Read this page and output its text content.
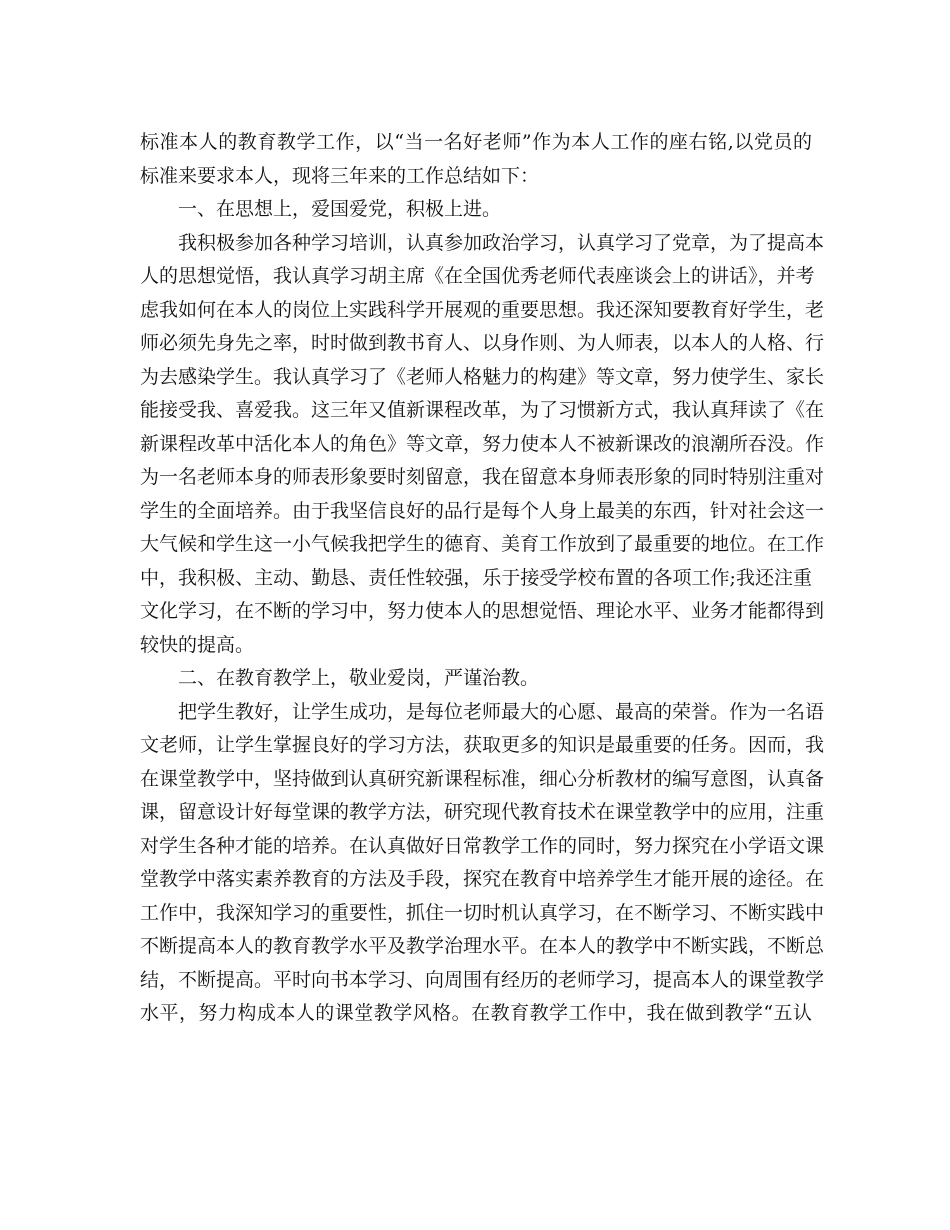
标准本人的教育教学工作，以“当一名好老师”作为本人工作的座右铭,以党员的
标准来要求本人，现将三年来的工作总结如下：
一、在思想上，爱国爱党，积极上进。
我积极参加各种学习培训，认真参加政治学习，认真学习了党章，为了提高本
人的思想觉悟，我认真学习胡主席《在全国优秀老师代表座谈会上的讲话》，并考
虑我如何在本人的岗位上实践科学开展观的重要思想。我还深知要教育好学生，老
师必须先身先之率，时时做到教书育人、以身作则、为人师表，以本人的人格、行
为去感染学生。我认真学习了《老师人格魅力的构建》等文章，努力使学生、家长
能接受我、喜爱我。这三年又值新课程改革，为了习惯新方式，我认真拜读了《在
新课程改革中活化本人的角色》等文章，努力使本人不被新课改的浪潮所吞没。作
为一名老师本身的师表形象要时刻留意，我在留意本身师表形象的同时特别注重对
学生的全面培养。由于我坚信良好的品行是每个人身上最美的东西，针对社会这一
大气候和学生这一小气候我把学生的德育、美育工作放到了最重要的地位。在工作
中，我积极、主动、勤恳、责任性较强，乐于接受学校布置的各项工作;我还注重
文化学习，在不断的学习中，努力使本人的思想觉悟、理论水平、业务才能都得到
较快的提高。
二、在教育教学上，敬业爱岗，严谨治教。
把学生教好，让学生成功，是每位老师最大的心愿、最高的荣誉。作为一名语
文老师，让学生掌握良好的学习方法，获取更多的知识是最重要的任务。因而，我
在课堂教学中，坚持做到认真研究新课程标准，细心分析教材的编写意图，认真备
课，留意设计好每堂课的教学方法，研究现代教育技术在课堂教学中的应用，注重
对学生各种才能的培养。在认真做好日常教学工作的同时，努力探究在小学语文课
堂教学中落实素养教育的方法及手段，探究在教育中培养学生才能开展的途径。在
工作中，我深知学习的重要性，抓住一切时机认真学习，在不断学习、不断实践中
不断提高本人的教育教学水平及教学治理水平。在本人的教学中不断实践，不断总
结，不断提高。平时向书本学习、向周围有经历的老师学习，提高本人的课堂教学
水平，努力构成本人的课堂教学风格。在教育教学工作中，我在做到教学“五认
